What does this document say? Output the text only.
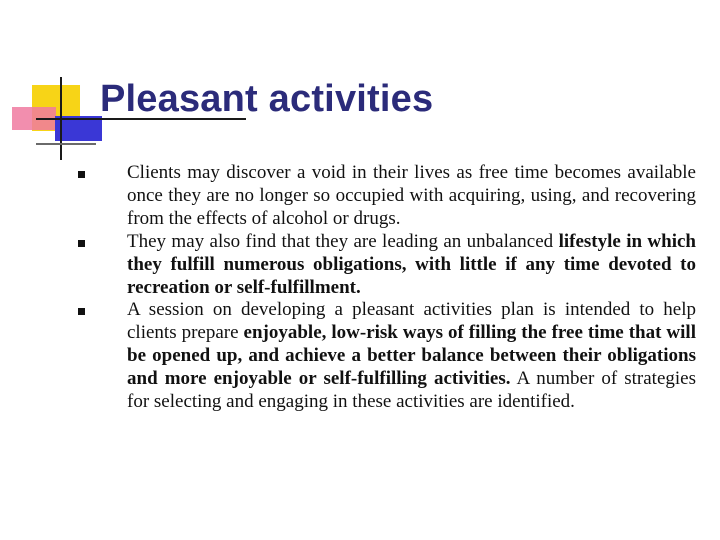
Pleasant activities
Clients may discover a void in their lives as free time becomes available once they are no longer so occupied with acquiring, using, and recovering from the effects of alcohol or drugs.
They may also find that they are leading an unbalanced lifestyle in which they fulfill numerous obligations, with little if any time devoted to recreation or self-fulfillment.
A session on developing a pleasant activities plan is intended to help clients prepare enjoyable, low-risk ways of filling the free time that will be opened up, and achieve a better balance between their obligations and more enjoyable or self-fulfilling activities. A number of strategies for selecting and engaging in these activities are identified.
